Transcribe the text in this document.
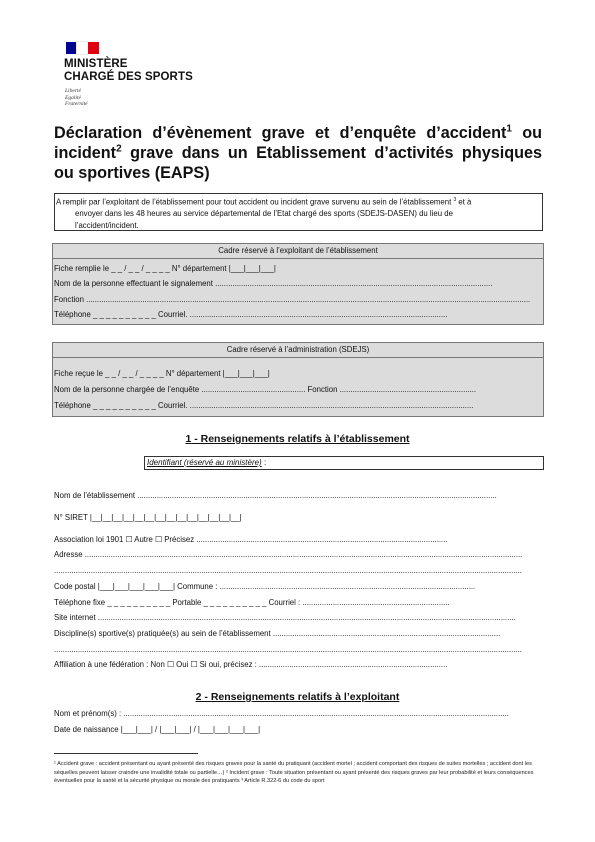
MINISTÈRE
CHARGÉ DES SPORTS
Liberté
Egalité
Fraternité
Déclaration d’évènement grave et d’enquête d’accident$^1$ ou incident$^2$ grave dans un Etablissement d’activités physiques ou sportives (EAPS)
A remplir par l’exploitant de l’établissement pour tout accident ou incident grave survenu au sein de l’établissement $^3$ et à
envoyer dans les 48 heures au service départemental de l’Etat chargé des sports (SDEJS-DASEN) du lieu de
l’accident/incident.
Cadre réservé à l’exploitant de l’établissement
Fiche remplie le _ _ / _ _ / _ _ _ _ N° département |___|___|___|
Nom de la personne effectuant le signalement ................................................................................................................................
Fonction .............................................................................................................................................................................................................
Téléphone _ _ _ _ _ _ _ _ _ _ Courriel. .......................................................................................................................
Cadre réservé à l’administration (SDEJS)
Fiche reçue le _ _ / _ _ / _ _ _ _ N° département |___|___|___|
Nom de la personne chargée de l’enquête ................................................ Fonction ...............................................................
Téléphone _ _ _ _ _ _ _ _ _ _ Courriel. ...................................................................................................................................
1 - Renseignements relatifs à l’établissement
Identifiant (réservé au ministère) :
Nom de l’établissement ......................................................................................................................................................................
N° SIRET |__|__|__|__|__|__|__|__|__|__|__|__|__|__|
Association loi 1901 ☐ Autre ☐ Précisez ....................................................................................................................
Adresse ..........................................................................................................................................................................................................
........................................................................................................................................................................................................................
Code postal |___|___|___|___|___| Commune : ......................................................................................................................
Téléphone fixe _ _ _ _ _ _ _ _ _ _ Portable _ _ _ _ _ _ _ _ _ _ Courriel : ....................................................................
Site internet .................................................................................................................................................................................................
Discipline(s) sportive(s) pratiquée(s) au sein de l’établissement .........................................................................................................
........................................................................................................................................................................................................................
Affiliation à une fédération : Non ☐ Oui ☐ Si oui, précisez : .......................................................................................
2 - Renseignements relatifs à l’exploitant
Nom et prénom(s) : ..................................................................................................................................................................................
Date de naissance |___|___| / |___|___| / |___|___|___|___|
¹ Accident grave : accident présentant ou ayant présenté des risques graves pour la santé du pratiquant (accident mortel ; accident comportant des risques de suites mortelles ; accident dont les séquelles peuvent laisser craindre une invalidité totale ou partielle…) ² Incident grave : Toute situation présentant ou ayant présenté des risques graves par leur probabilité et leurs conséquences éventuelles pour la santé et la sécurité physique ou morale des pratiquants ³ Article R.322-6 du code du sport
